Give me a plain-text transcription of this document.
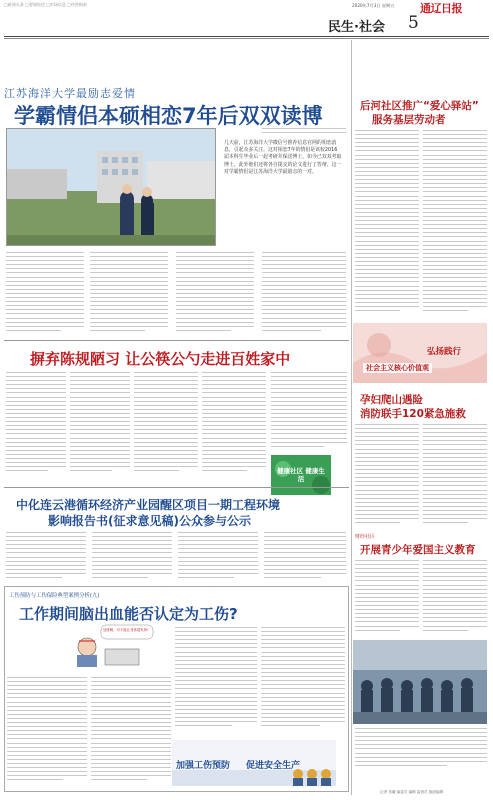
□新闻头条 □要闻综述 □市场信息 □经营指南	2020年7月3日 星期五 通辽日报
民生·社会 5
江苏海洋大学最励志爱情
学霸情侣本硕相恋7年后双双读博
几天前，江苏海洋大学微信号推荐信息官网的相恋消息，引起众多关注。这对相恋7年的情侣是该校2016届本科生毕业后一起考研并保送博士，如今已双双考取博士。此外他们还将各自提交的论文进行了答辩，这一对学霸情侣是江苏海洋大学最励志的一对。
后河社区推广“爱心驿站”
服务基层劳动者
弘扬践行
社会主义核心价值观
孕妇爬山遇险
消防联手120紧急施救
财经社区
开展青少年爱国主义教育
摒弃陈规陋习 让公筷公勺走进百姓家中
健康社区 健康生活
中化连云港循环经济产业园醒区项目一期工程环境
影响报告书(征求意见稿)公众参与公示
工伤预防与工伤保险典型案例分析(九)
工作期间脑出血能否认定为工伤?
加班啊，可不能让身体超负荷!
加强工伤预防 促进安全生产
记者 传播 编委员 编辑 监督员 版面编辑
